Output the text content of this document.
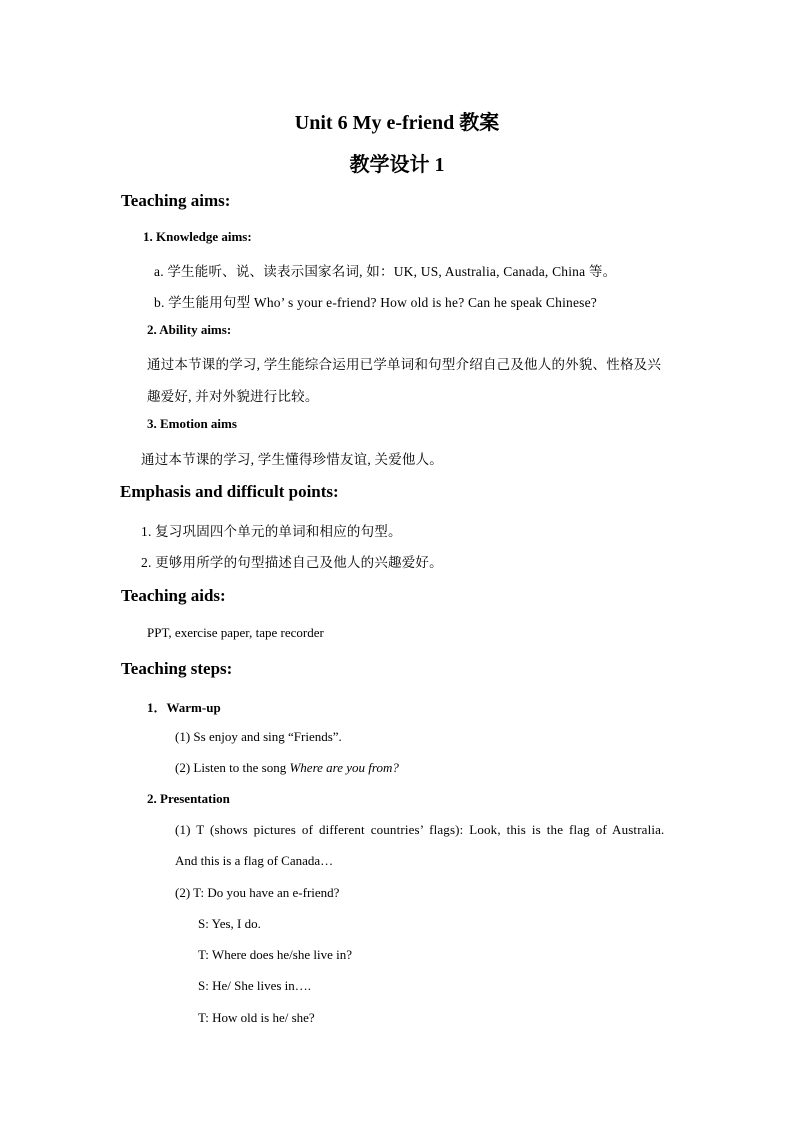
Unit 6 My e-friend 教案
教学设计 1
Teaching aims:
1. Knowledge aims:
a. 学生能听、说、读表示国家名词, 如：UK, US, Australia, Canada, China 等。
b. 学生能用句型 Who’ s your e-friend? How old is he? Can he speak Chinese?
2. Ability aims:
通过本节课的学习, 学生能综合运用已学单词和句型介绍自己及他人的外貌、性格及兴
趣爱好, 并对外貌进行比较。
3. Emotion aims
通过本节课的学习, 学生懂得珍惜友谊, 关爱他人。
Emphasis and difficult points:
1. 复习巩固四个单元的单词和相应的句型。
2. 更够用所学的句型描述自己及他人的兴趣爱好。
Teaching aids:
PPT, exercise paper, tape recorder
Teaching steps:
1．Warm-up
(1) Ss enjoy and sing “Friends”.
(2) Listen to the song Where are you from?
2. Presentation
(1) T (shows pictures of different countries’ flags): Look, this is the flag of Australia.
And this is a flag of Canada…
(2) T: Do you have an e-friend?
S: Yes, I do.
T: Where does he/she live in?
S: He/ She lives in….
T: How old is he/ she?
